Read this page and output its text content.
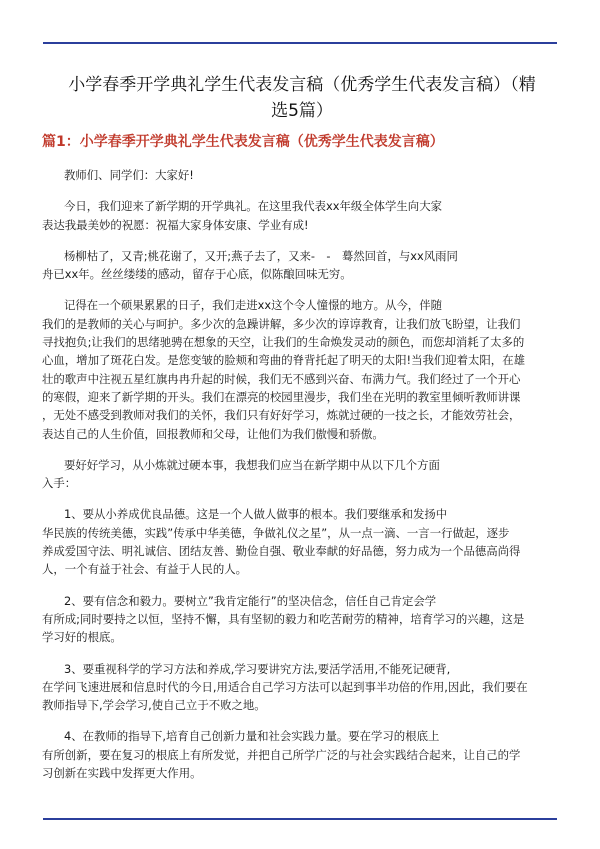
小学春季开学典礼学生代表发言稿（优秀学生代表发言稿）（精
选5篇）
篇1：小学春季开学典礼学生代表发言稿（优秀学生代表发言稿）
教师们、同学们：大家好!
今日，我们迎来了新学期的开学典礼。在这里我代表xx年级全体学生向大家
表达我最美妙的祝愿：祝福大家身体安康、学业有成!
杨柳枯了，又青;桃花谢了，又开;燕子去了，又来-　-　蓦然回首，与xx风雨同
舟已xx年。丝丝缕缕的感动，留存于心底，似陈酿回味无穷。
记得在一个硕果累累的日子，我们走进xx这个令人憧憬的地方。从今，伴随
我们的是教师的关心与呵护。多少次的急躁讲解，多少次的谆谆教育，让我们放飞盼望，让我们
寻找抱负;让我们的思绪驰骋在想象的天空，让我们的生命焕发灵动的颜色，而您却消耗了太多的
心血，增加了斑花白发。是您变皱的脸颊和弯曲的脊背托起了明天的太阳!当我们迎着太阳，在雄
壮的歌声中注视五星红旗冉冉升起的时候，我们无不感到兴奋、布满力气。我们经过了一个开心
的寒假，迎来了新学期的开头。我们在漂亮的校园里漫步，我们坐在光明的教室里倾听教师讲课
，无处不感受到教师对我们的关怀，我们只有好好学习，炼就过硬的一技之长，才能效劳社会，
表达自己的人生价值，回报教师和父母，让他们为我们傲慢和骄傲。
要好好学习，从小炼就过硬本事，我想我们应当在新学期中从以下几个方面
入手：
1、要从小养成优良品德。这是一个人做人做事的根本。我们要继承和发扬中
华民族的传统美德，实践”传承中华美德，争做礼仪之星”，从一点一滴、一言一行做起，逐步
养成爱国守法、明礼诚信、团结友善、勤俭自强、敬业奉献的好品德，努力成为一个品德高尚得
人，一个有益于社会、有益于人民的人。
2、要有信念和毅力。要树立”我肯定能行”的坚决信念，信任自己肯定会学
有所成;同时要持之以恒，坚持不懈，具有坚韧的毅力和吃苦耐劳的精神，培育学习的兴趣，这是
学习好的根底。
3、要重视科学的学习方法和养成,学习要讲究方法,要活学活用,不能死记硬背,
在学问飞速进展和信息时代的今日,用适合自己学习方法可以起到事半功倍的作用,因此，我们要在
教师指导下,学会学习,使自己立于不败之地。
4、在教师的指导下,培育自己创新力量和社会实践力量。要在学习的根底上
有所创新，要在复习的根底上有所发觉，并把自己所学广泛的与社会实践结合起来，让自己的学
习创新在实践中发挥更大作用。
